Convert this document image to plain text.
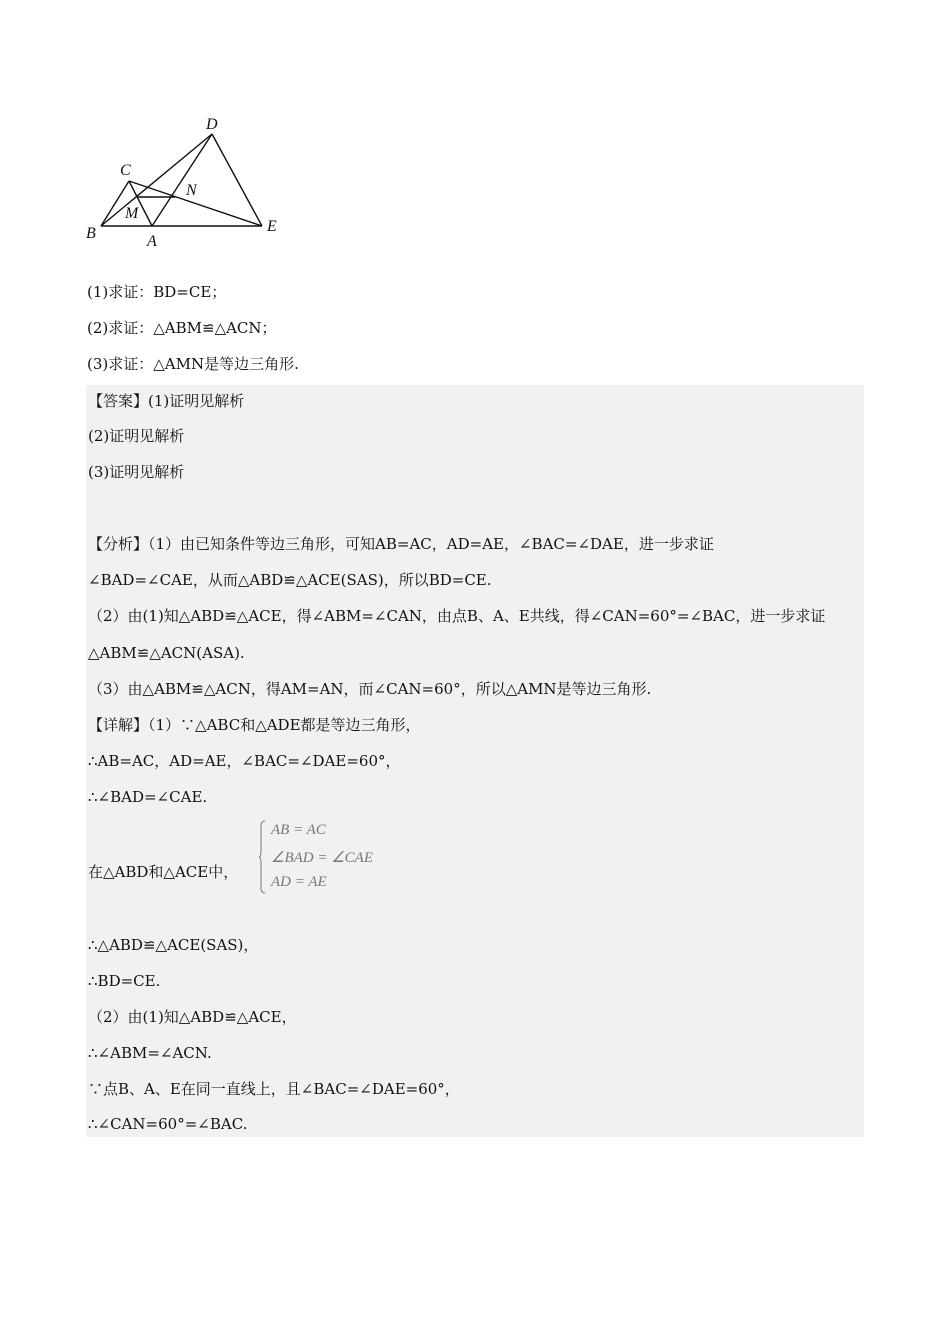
D
C
N
M
B	A
E
(1)求证：BD=CE；
(2)求证：△ABM≌△ACN；
(3)求证：△AMN是等边三角形.
【答案】(1)证明见解析
(2)证明见解析
(3)证明见解析
【分析】（1）由已知条件等边三角形，可知AB=AC，AD=AE，∠BAC=∠DAE，进一步求证
∠BAD=∠CAE，从而△ABD≌△ACE(SAS)，所以BD=CE.
（2）由(1)知△ABD≌△ACE，得∠ABM=∠CAN，由点B、A、E共线，得∠CAN=60°=∠BAC，进一步求证
△ABM≌△ACN(ASA).
（3）由△ABM≌△ACN，得AM=AN，而∠CAN=60°，所以△AMN是等边三角形.
【详解】（1）∵△ABC和△ADE都是等边三角形，
∴AB=AC，AD=AE，∠BAC=∠DAE=60°，
∴∠BAD=∠CAE.
在△ABD和△ACE中，
AB = AC
∠BAD = ∠CAE
AD = AE
∴△ABD≌△ACE(SAS)，
∴BD=CE.
（2）由(1)知△ABD≌△ACE，
∴∠ABM=∠ACN.
∵点B、A、E在同一直线上，且∠BAC=∠DAE=60°，
∴∠CAN=60°=∠BAC.
